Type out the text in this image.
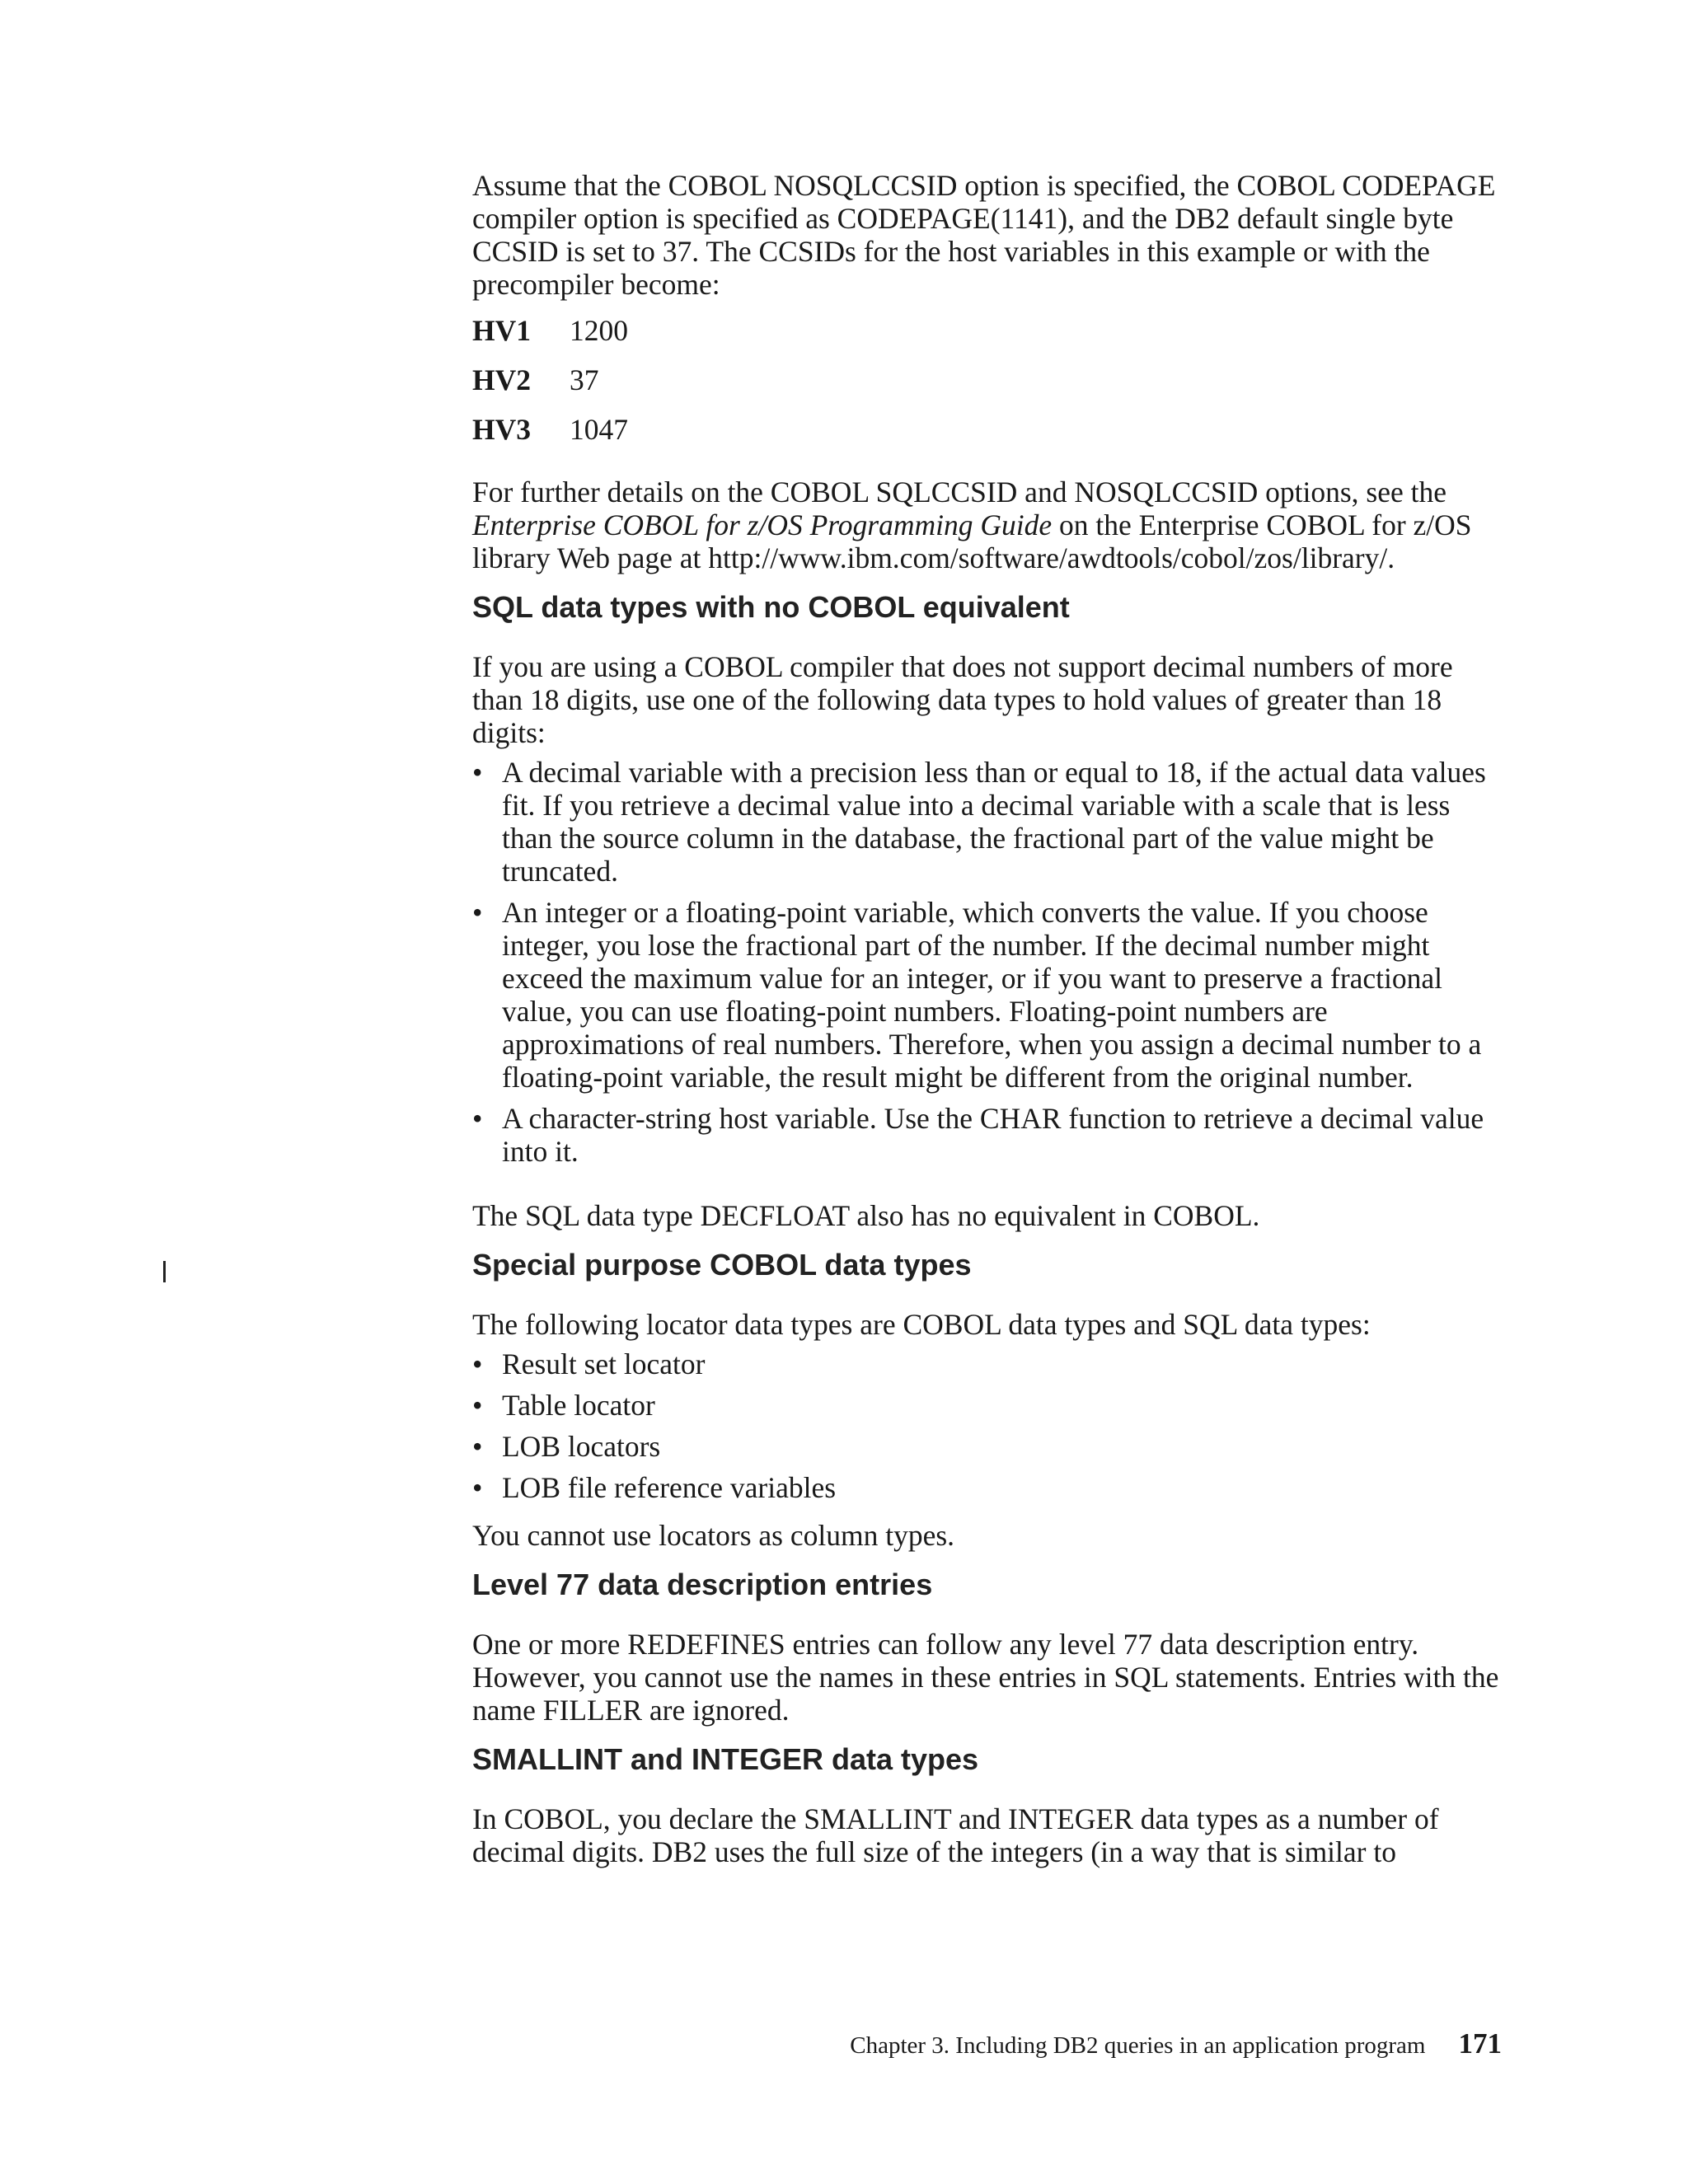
Assume that the COBOL NOSQLCCSID option is specified, the COBOL CODEPAGE compiler option is specified as CODEPAGE(1141), and the DB2 default single byte CCSID is set to 37. The CCSIDs for the host variables in this example or with the precompiler become:

HV1	1200
HV2	37
HV3	1047

For further details on the COBOL SQLCCSID and NOSQLCCSID options, see the Enterprise COBOL for z/OS Programming Guide on the Enterprise COBOL for z/OS library Web page at http://www.ibm.com/software/awdtools/cobol/zos/library/.

SQL data types with no COBOL equivalent

If you are using a COBOL compiler that does not support decimal numbers of more than 18 digits, use one of the following data types to hold values of greater than 18 digits:

• A decimal variable with a precision less than or equal to 18, if the actual data values fit. If you retrieve a decimal value into a decimal variable with a scale that is less than the source column in the database, the fractional part of the value might be truncated.
• An integer or a floating-point variable, which converts the value. If you choose integer, you lose the fractional part of the number. If the decimal number might exceed the maximum value for an integer, or if you want to preserve a fractional value, you can use floating-point numbers. Floating-point numbers are approximations of real numbers. Therefore, when you assign a decimal number to a floating-point variable, the result might be different from the original number.
• A character-string host variable. Use the CHAR function to retrieve a decimal value into it.

The SQL data type DECFLOAT also has no equivalent in COBOL.

Special purpose COBOL data types

The following locator data types are COBOL data types and SQL data types:

• Result set locator
• Table locator
• LOB locators
• LOB file reference variables

You cannot use locators as column types.

Level 77 data description entries

One or more REDEFINES entries can follow any level 77 data description entry. However, you cannot use the names in these entries in SQL statements. Entries with the name FILLER are ignored.

SMALLINT and INTEGER data types

In COBOL, you declare the SMALLINT and INTEGER data types as a number of decimal digits. DB2 uses the full size of the integers (in a way that is similar to

Chapter 3. Including DB2 queries in an application program 171
